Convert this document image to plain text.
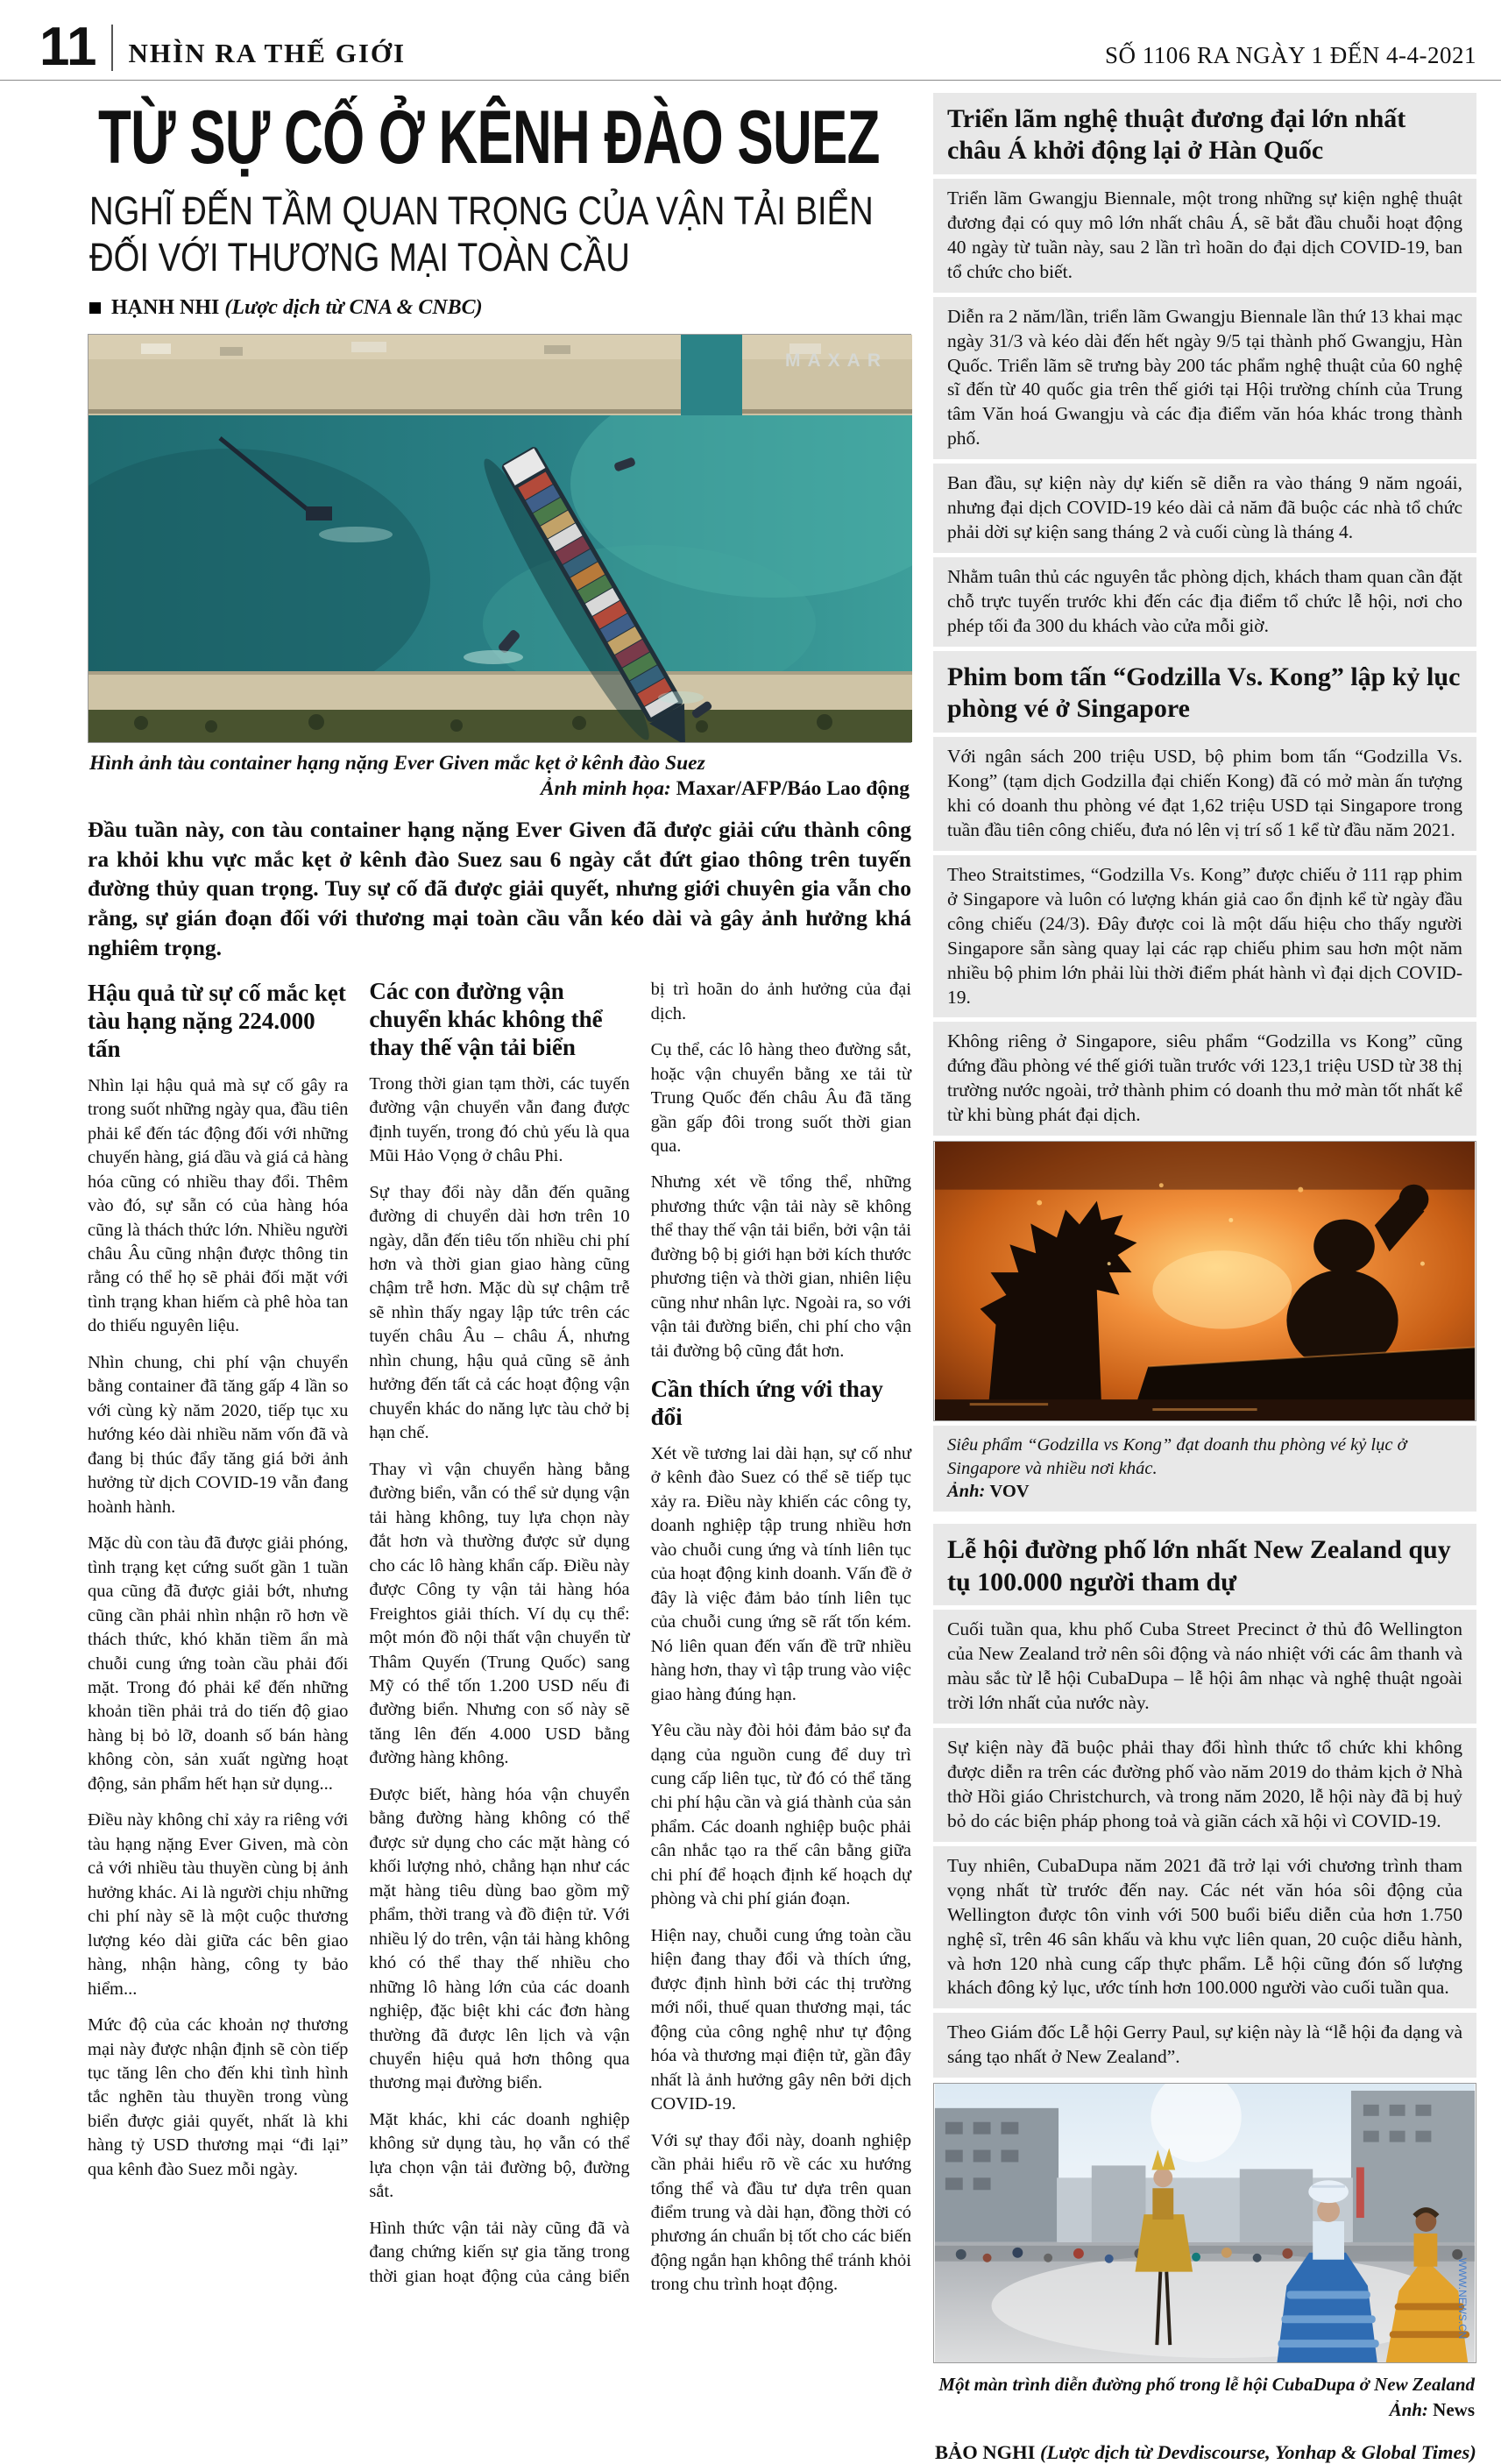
11	NHÌN RA THẾ GIỚI	SỐ 1106 RA NGÀY 1 ĐẾN 4-4-2021
TỪ SỰ CỐ Ở KÊNH ĐÀO SUEZ
NGHĨ ĐẾN TẦM QUAN TRỌNG CỦA VẬN TẢI BIỂN ĐỐI VỚI THƯƠNG MẠI TOÀN CẦU
HẠNH NHI (Lược dịch từ CNA & CNBC)
MAXAR
Hình ảnh tàu container hạng nặng Ever Given mắc kẹt ở kênh đào Suez
Ảnh minh họa: Maxar/AFP/Báo Lao động

Đầu tuần này, con tàu container hạng nặng Ever Given đã được giải cứu thành công ra khỏi khu vực mắc kẹt ở kênh đào Suez sau 6 ngày cắt đứt giao thông trên tuyến đường thủy quan trọng. Tuy sự cố đã được giải quyết, nhưng giới chuyên gia vẫn cho rằng, sự gián đoạn đối với thương mại toàn cầu vẫn kéo dài và gây ảnh hưởng khá nghiêm trọng.

Hậu quả từ sự cố mắc kẹt tàu hạng nặng 224.000 tấn

Nhìn lại hậu quả mà sự cố gây ra trong suốt những ngày qua, đầu tiên phải kể đến tác động đối với những chuyến hàng, giá dầu và giá cả hàng hóa cũng có nhiều thay đổi. Thêm vào đó, sự sẵn có của hàng hóa cũng là thách thức lớn. Nhiều người châu Âu cũng nhận được thông tin rằng có thể họ sẽ phải đối mặt với tình trạng khan hiếm cà phê hòa tan do thiếu nguyên liệu.

Nhìn chung, chi phí vận chuyển bằng container đã tăng gấp 4 lần so với cùng kỳ năm 2020, tiếp tục xu hướng kéo dài nhiều năm vốn đã và đang bị thúc đẩy tăng giá bởi ảnh hưởng từ dịch COVID-19 vẫn đang hoành hành.

Mặc dù con tàu đã được giải phóng, tình trạng kẹt cứng suốt gần 1 tuần qua cũng đã được giải bớt, nhưng cũng cần phải nhìn nhận rõ hơn về thách thức, khó khăn tiềm ẩn mà chuỗi cung ứng toàn cầu phải đối mặt. Trong đó phải kể đến những khoản tiền phải trả do tiến độ giao hàng bị bỏ lỡ, doanh số bán hàng không còn, sản xuất ngừng hoạt động, sản phẩm hết hạn sử dụng...

Điều này không chỉ xảy ra riêng với tàu hạng nặng Ever Given, mà còn cả với nhiều tàu thuyền cùng bị ảnh hưởng khác. Ai là người chịu những chi phí này sẽ là một cuộc thương lượng kéo dài giữa các bên giao hàng, nhận hàng, công ty bảo hiểm...

Mức độ của các khoản nợ thương mại này được nhận định sẽ còn tiếp tục tăng lên cho đến khi tình hình tắc nghẽn tàu thuyền trong vùng biển được giải quyết, nhất là khi hàng tỷ USD thương mại “đi lại” qua kênh đào Suez mỗi ngày.

Các con đường vận chuyển khác không thể thay thế vận tải biển

Trong thời gian tạm thời, các tuyến đường vận chuyển vẫn đang được định tuyến, trong đó chủ yếu là qua Mũi Hảo Vọng ở châu Phi.

Sự thay đổi này dẫn đến quãng đường di chuyển dài hơn trên 10 ngày, dẫn đến tiêu tốn nhiều chi phí hơn và thời gian giao hàng cũng chậm trễ hơn. Mặc dù sự chậm trễ sẽ nhìn thấy ngay lập tức trên các tuyến châu Âu – châu Á, nhưng nhìn chung, hậu quả cũng sẽ ảnh hưởng đến tất cả các hoạt động vận chuyển khác do năng lực tàu chở bị hạn chế.

Thay vì vận chuyển hàng bằng đường biển, vẫn có thể sử dụng vận tải hàng không, tuy lựa chọn này đắt hơn và thường được sử dụng cho các lô hàng khẩn cấp. Điều này được Công ty vận tải hàng hóa Freightos giải thích. Ví dụ cụ thể: một món đồ nội thất vận chuyển từ Thâm Quyến (Trung Quốc) sang Mỹ có thể tốn 1.200 USD nếu đi đường biển. Nhưng con số này sẽ tăng lên đến 4.000 USD bằng đường hàng không.

Được biết, hàng hóa vận chuyển bằng đường hàng không có thể được sử dụng cho các mặt hàng có khối lượng nhỏ, chẳng hạn như các mặt hàng tiêu dùng bao gồm mỹ phẩm, thời trang và đồ điện tử. Với nhiều lý do trên, vận tải hàng không khó có thể thay thế nhiều cho những lô hàng lớn của các doanh nghiệp, đặc biệt khi các đơn hàng thường đã được lên lịch và vận chuyển hiệu quả hơn thông qua thương mại đường biển.

Mặt khác, khi các doanh nghiệp không sử dụng tàu, họ vẫn có thể lựa chọn vận tải đường bộ, đường sắt.

Hình thức vận tải này cũng đã và đang chứng kiến sự gia tăng trong thời gian hoạt động của cảng biển bị trì hoãn do ảnh hưởng của đại dịch.

Cụ thể, các lô hàng theo đường sắt, hoặc vận chuyển bằng xe tải từ Trung Quốc đến châu Âu đã tăng gần gấp đôi trong suốt thời gian qua.

Nhưng xét về tổng thể, những phương thức vận tải này sẽ không thể thay thế vận tải biển, bởi vận tải đường bộ bị giới hạn bởi kích thước phương tiện và thời gian, nhiên liệu cũng như nhân lực. Ngoài ra, so với vận tải đường biển, chi phí cho vận tải đường bộ cũng đắt hơn.

Cần thích ứng với thay đổi

Xét về tương lai dài hạn, sự cố như ở kênh đào Suez có thể sẽ tiếp tục xảy ra. Điều này khiến các công ty, doanh nghiệp tập trung nhiều hơn vào chuỗi cung ứng và tính liên tục của hoạt động kinh doanh. Vấn đề ở đây là việc đảm bảo tính liên tục của chuỗi cung ứng sẽ rất tốn kém. Nó liên quan đến vấn đề trữ nhiều hàng hơn, thay vì tập trung vào việc giao hàng đúng hạn.

Yêu cầu này đòi hỏi đảm bảo sự đa dạng của nguồn cung để duy trì cung cấp liên tục, từ đó có thể tăng chi phí hậu cần và giá thành của sản phẩm. Các doanh nghiệp buộc phải cân nhắc tạo ra thế cân bằng giữa chi phí để hoạch định kế hoạch dự phòng và chi phí gián đoạn.

Hiện nay, chuỗi cung ứng toàn cầu hiện đang thay đổi và thích ứng, được định hình bởi các thị trường mới nổi, thuế quan thương mại, tác động của công nghệ như tự động hóa và thương mại điện tử, gần đây nhất là ảnh hưởng gây nên bởi dịch COVID-19.

Với sự thay đổi này, doanh nghiệp cần phải hiểu rõ về các xu hướng tổng thể và đầu tư dựa trên quan điểm trung và dài hạn, đồng thời có phương án chuẩn bị tốt cho các biến động ngắn hạn không thể tránh khỏi trong chu trình hoạt động.

Triển lãm nghệ thuật đương đại lớn nhất châu Á khởi động lại ở Hàn Quốc

Triển lãm Gwangju Biennale, một trong những sự kiện nghệ thuật đương đại có quy mô lớn nhất châu Á, sẽ bắt đầu chuỗi hoạt động 40 ngày từ tuần này, sau 2 lần trì hoãn do đại dịch COVID-19, ban tổ chức cho biết.

Diễn ra 2 năm/lần, triển lãm Gwangju Biennale lần thứ 13 khai mạc ngày 31/3 và kéo dài đến hết ngày 9/5 tại thành phố Gwangju, Hàn Quốc. Triển lãm sẽ trưng bày 200 tác phẩm nghệ thuật của 60 nghệ sĩ đến từ 40 quốc gia trên thế giới tại Hội trường chính của Trung tâm Văn hoá Gwangju và các địa điểm văn hóa khác trong thành phố.

Ban đầu, sự kiện này dự kiến sẽ diễn ra vào tháng 9 năm ngoái, nhưng đại dịch COVID-19 kéo dài cả năm đã buộc các nhà tổ chức phải dời sự kiện sang tháng 2 và cuối cùng là tháng 4.

Nhằm tuân thủ các nguyên tắc phòng dịch, khách tham quan cần đặt chỗ trực tuyến trước khi đến các địa điểm tổ chức lễ hội, nơi cho phép tối đa 300 du khách vào cửa mỗi giờ.

Phim bom tấn “Godzilla Vs. Kong” lập kỷ lục phòng vé ở Singapore

Với ngân sách 200 triệu USD, bộ phim bom tấn “Godzilla Vs. Kong” (tạm dịch Godzilla đại chiến Kong) đã có mở màn ấn tượng khi có doanh thu phòng vé đạt 1,62 triệu USD tại Singapore trong tuần đầu tiên công chiếu, đưa nó lên vị trí số 1 kể từ đầu năm 2021.

Theo Straitstimes, “Godzilla Vs. Kong” được chiếu ở 111 rạp phim ở Singapore và luôn có lượng khán giả cao ổn định kể từ ngày đầu công chiếu (24/3). Đây được coi là một dấu hiệu cho thấy người Singapore sẵn sàng quay lại các rạp chiếu phim sau hơn một năm nhiều bộ phim lớn phải lùi thời điểm phát hành vì đại dịch COVID-19.

Không riêng ở Singapore, siêu phẩm “Godzilla vs Kong” cũng đứng đầu phòng vé thế giới tuần trước với 123,1 triệu USD từ 38 thị trường nước ngoài, trở thành phim có doanh thu mở màn tốt nhất kể từ khi bùng phát đại dịch.

Siêu phẩm “Godzilla vs Kong” đạt doanh thu phòng vé kỷ lục ở Singapore và nhiều nơi khác.
Ảnh: VOV
Lễ hội đường phố lớn nhất New Zealand quy tụ 100.000 người tham dự

Cuối tuần qua, khu phố Cuba Street Precinct ở thủ đô Wellington của New Zealand trở nên sôi động và náo nhiệt với các âm thanh và màu sắc từ lễ hội CubaDupa – lễ hội âm nhạc và nghệ thuật ngoài trời lớn nhất của nước này.

Sự kiện này đã buộc phải thay đổi hình thức tổ chức khi không được diễn ra trên các đường phố vào năm 2019 do thảm kịch ở Nhà thờ Hồi giáo Christchurch, và trong năm 2020, lễ hội này đã bị huỷ bỏ do các biện pháp phong toả và giãn cách xã hội vì COVID-19.

Tuy nhiên, CubaDupa năm 2021 đã trở lại với chương trình tham vọng nhất từ trước đến nay. Các nét văn hóa sôi động của Wellington được tôn vinh với 500 buổi biểu diễn của hơn 1.750 nghệ sĩ, trên 46 sân khấu và khu vực liên quan, 20 cuộc diễu hành, và hơn 120 nhà cung cấp thực phẩm. Lễ hội cũng đón số lượng khách đông kỷ lục, ước tính hơn 100.000 người vào cuối tuần qua.

Theo Giám đốc Lễ hội Gerry Paul, sự kiện này là “lễ hội đa dạng và sáng tạo nhất ở New Zealand”.

WWW.NEWS.CN
Một màn trình diễn đường phố trong lễ hội CubaDupa ở New Zealand
Ảnh: News
BẢO NGHI (Lược dịch từ Devdiscourse, Yonhap & Global Times)
